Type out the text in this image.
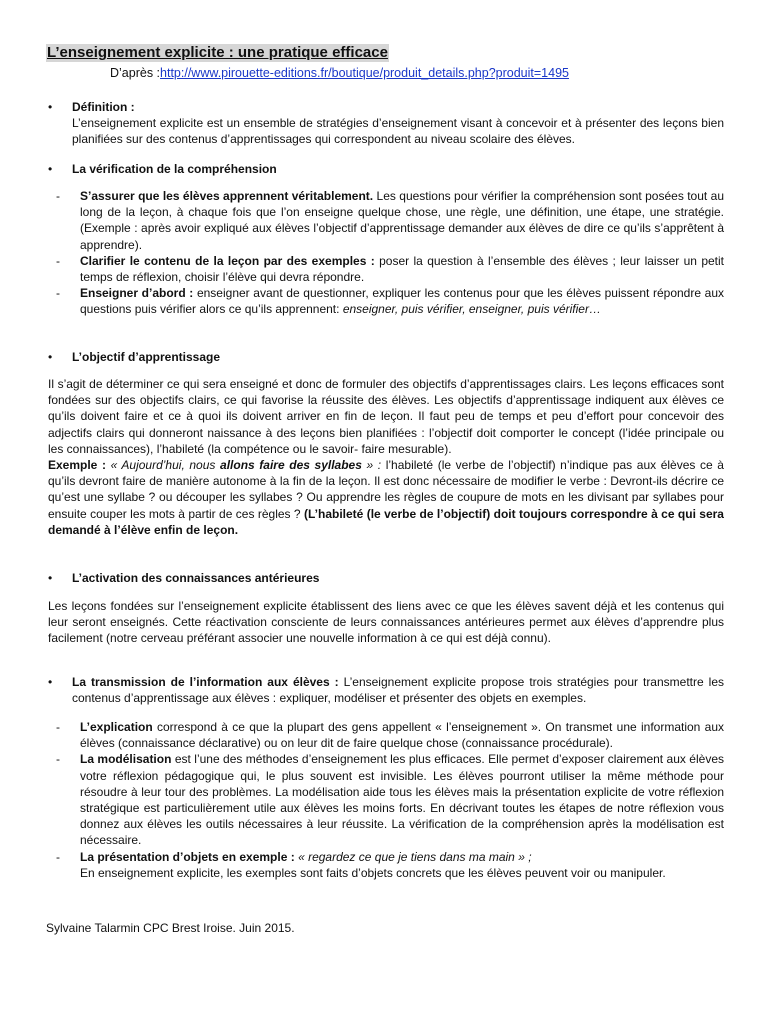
L’enseignement explicite : une pratique efficace
D’après :http://www.pirouette-editions.fr/boutique/produit_details.php?produit=1495
• Définition :

L’enseignement explicite est un ensemble de stratégies d’enseignement visant à concevoir et à présenter des leçons bien planifiées sur des contenus d’apprentissages qui correspondent au niveau scolaire des élèves.

• La vérification de la compréhension

- S’assurer que les élèves apprennent véritablement. Les questions pour vérifier la compréhension sont posées tout au long de la leçon, à chaque fois que l’on enseigne quelque chose, une règle, une définition, une étape, une stratégie. (Exemple : après avoir expliqué aux élèves l’objectif d’apprentissage demander aux élèves de dire ce qu’ils s’apprêtent à apprendre).
- Clarifier le contenu de la leçon par des exemples : poser la question à l’ensemble des élèves ; leur laisser un petit temps de réflexion, choisir l’élève qui devra répondre.
- Enseigner d’abord : enseigner avant de questionner, expliquer les contenus pour que les élèves puissent répondre aux questions puis vérifier alors ce qu’ils apprennent: enseigner, puis vérifier, enseigner, puis vérifier…
• L’objectif d’apprentissage

Il s’agit de déterminer ce qui sera enseigné et donc de formuler des objectifs d’apprentissages clairs. Les leçons efficaces sont fondées sur des objectifs clairs, ce qui favorise la réussite des élèves. Les objectifs d’apprentissage indiquent aux élèves ce qu’ils doivent faire et ce à quoi ils doivent arriver en fin de leçon. Il faut peu de temps et peu d’effort pour concevoir des adjectifs clairs qui donneront naissance à des leçons bien planifiées : l’objectif doit comporter le concept (l’idée principale ou les connaissances), l’habileté (la compétence ou le savoir- faire mesurable).

Exemple : « Aujourd’hui, nous allons faire des syllabes » : l’habileté (le verbe de l’objectif) n’indique pas aux élèves ce à qu’ils devront faire de manière autonome à la fin de la leçon. Il est donc nécessaire de modifier le verbe : Devront-ils décrire ce qu’est une syllabe ? ou découper les syllabes ? Ou apprendre les règles de coupure de mots en les divisant par syllabes pour ensuite couper les mots à partir de ces règles ? (L’habileté (le verbe de l’objectif) doit toujours correspondre à ce qui sera demandé à l’élève enfin de leçon.

• L’activation des connaissances antérieures

Les leçons fondées sur l’enseignement explicite établissent des liens avec ce que les élèves savent déjà et les contenus qui leur seront enseignés. Cette réactivation consciente de leurs connaissances antérieures permet aux élèves d’apprendre plus facilement (notre cerveau préférant associer une nouvelle information à ce qui est déjà connu).

• La transmission de l’information aux élèves : L’enseignement explicite propose trois stratégies pour transmettre les contenus d’apprentissage aux élèves : expliquer, modéliser et présenter des objets en exemples.

- L’explication correspond à ce que la plupart des gens appellent « l’enseignement ». On transmet une information aux élèves (connaissance déclarative) ou on leur dit de faire quelque chose (connaissance procédurale).
- La modélisation est l’une des méthodes d’enseignement les plus efficaces. Elle permet d’exposer clairement aux élèves votre réflexion pédagogique qui, le plus souvent est invisible. Les élèves pourront utiliser la même méthode pour résoudre à leur tour des problèmes. La modélisation aide tous les élèves mais la présentation explicite de votre réflexion stratégique est particulièrement utile aux élèves les moins forts. En décrivant toutes les étapes de notre réflexion vous donnez aux élèves les outils nécessaires à leur réussite. La vérification de la compréhension après la modélisation est nécessaire.
- La présentation d’objets en exemple : « regardez ce que je tiens dans ma main » ;
En enseignement explicite, les exemples sont faits d’objets concrets que les élèves peuvent voir ou manipuler.
Sylvaine Talarmin CPC Brest Iroise. Juin 2015.
